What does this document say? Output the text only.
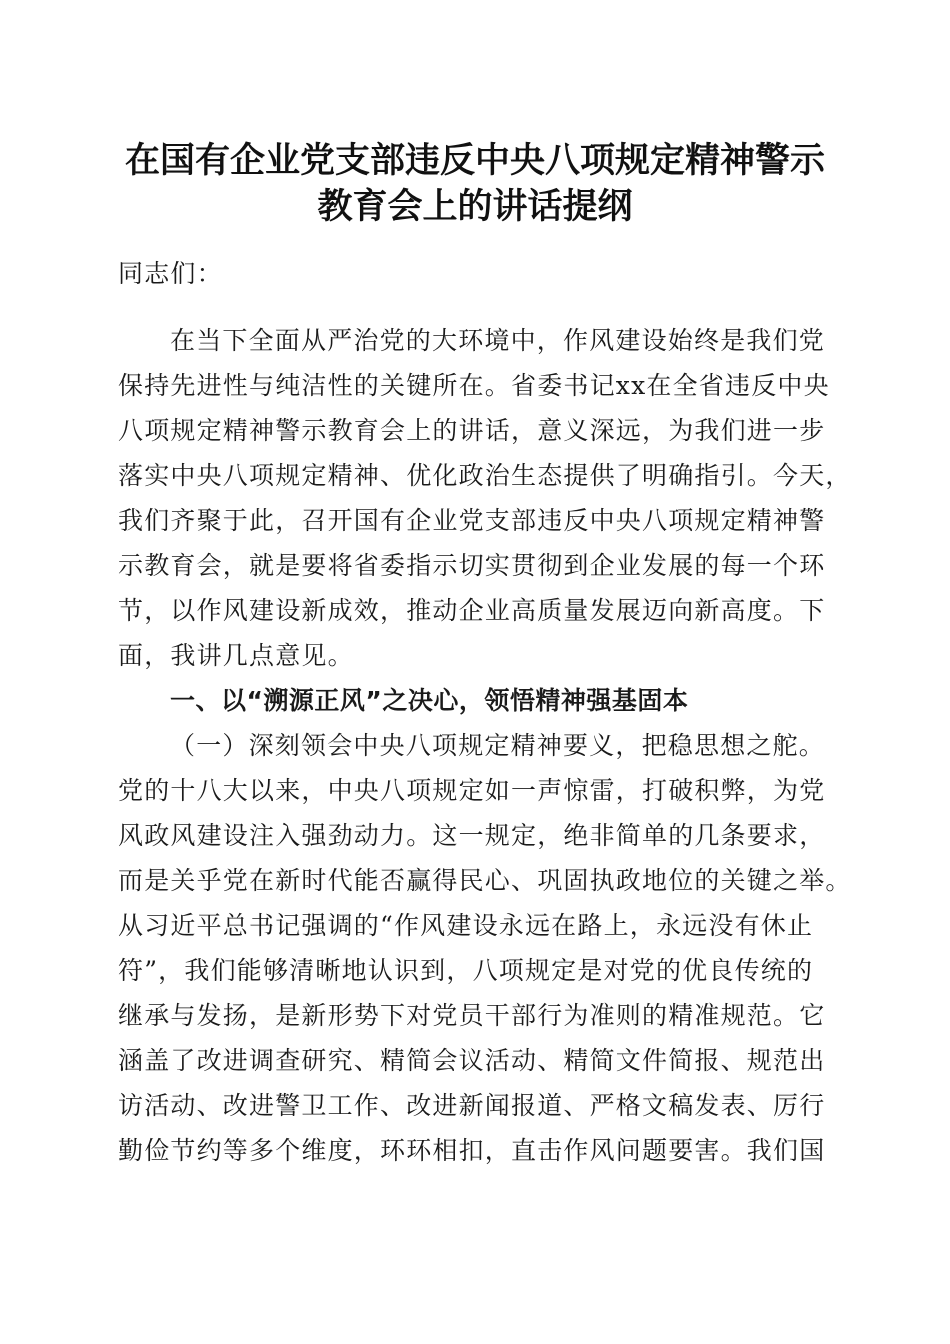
在国有企业党支部违反中央八项规定精神警示
教育会上的讲话提纲
同志们：
在当下全面从严治党的大环境中，作风建设始终是我们党
保持先进性与纯洁性的关键所在。省委书记xx在全省违反中央
八项规定精神警示教育会上的讲话，意义深远，为我们进一步
落实中央八项规定精神、优化政治生态提供了明确指引。今天，
我们齐聚于此，召开国有企业党支部违反中央八项规定精神警
示教育会，就是要将省委指示切实贯彻到企业发展的每一个环
节，以作风建设新成效，推动企业高质量发展迈向新高度。下
面，我讲几点意见。
一、以“溯源正风”之决心，领悟精神强基固本
（一）深刻领会中央八项规定精神要义，把稳思想之舵。
党的十八大以来，中央八项规定如一声惊雷，打破积弊，为党
风政风建设注入强劲动力。这一规定，绝非简单的几条要求，
而是关乎党在新时代能否赢得民心、巩固执政地位的关键之举。
从习近平总书记强调的“作风建设永远在路上，永远没有休止
符”，我们能够清晰地认识到，八项规定是对党的优良传统的
继承与发扬，是新形势下对党员干部行为准则的精准规范。它
涵盖了改进调查研究、精简会议活动、精简文件简报、规范出
访活动、改进警卫工作、改进新闻报道、严格文稿发表、厉行
勤俭节约等多个维度，环环相扣，直击作风问题要害。我们国
